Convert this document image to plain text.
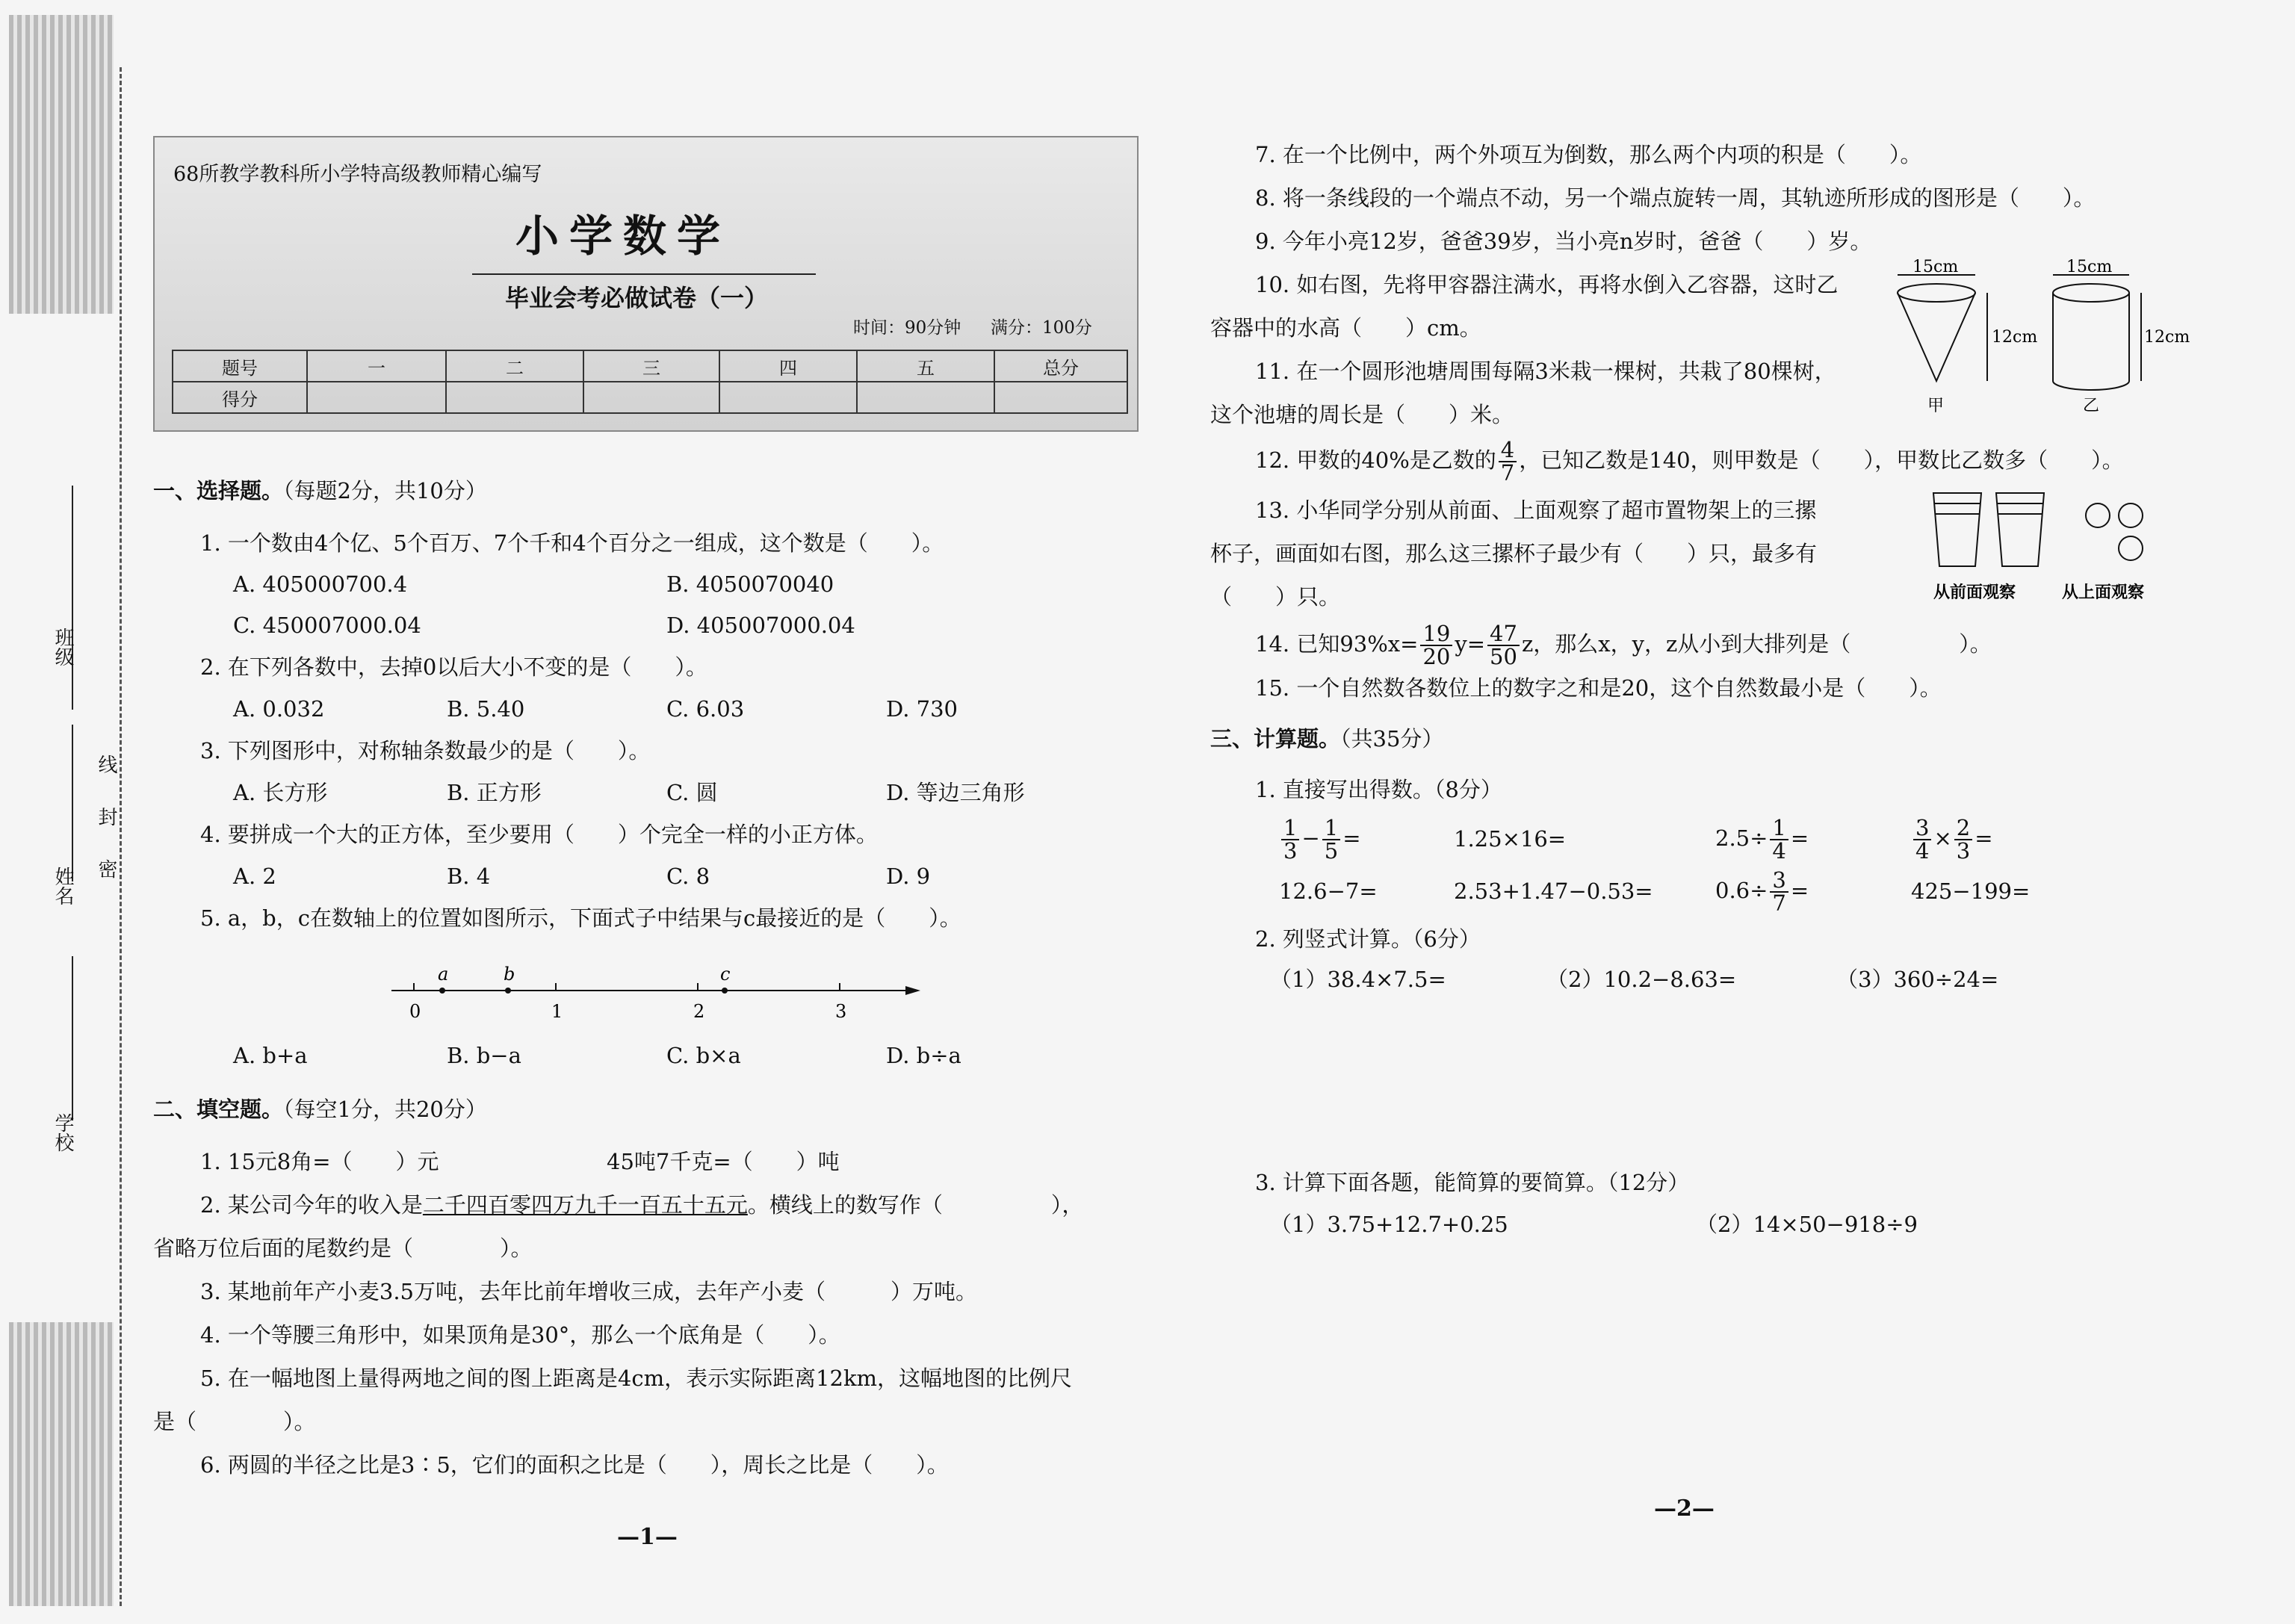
班级
姓名
学校
密
封
线
68所教学教科所小学特高级教师精心编写
小学数学
毕业会考必做试卷（一）
时间：90分钟 满分：100分
题号	一	二	三	四	五	总分
得分						
一、选择题。（每题2分，共10分）
1. 一个数由4个亿、5个百万、7个千和4个百分之一组成，这个数是（　　）。
A. 405000700.4	B. 4050070040
C. 450007000.04	D. 405007000.04
2. 在下列各数中，去掉0以后大小不变的是（　　）。
A. 0.032	B. 5.40	C. 6.03	D. 730
3. 下列图形中，对称轴条数最少的是（　　）。
A. 长方形	B. 正方形	C. 圆	D. 等边三角形
4. 要拼成一个大的正方体，至少要用（　　）个完全一样的小正方体。
A. 2	B. 4	C. 8	D. 9
5. a，b，c在数轴上的位置如图所示，下面式子中结果与c最接近的是（　　）。
0	1	2	3
a	b	c
A. b+a	B. b−a	C. b×a	D. b÷a
二、填空题。（每空1分，共20分）
1. 15元8角=（　　）元	45吨7千克=（　　）吨
2. 某公司今年的收入是二千四百零四万九千一百五十五元。横线上的数写作（　　　　　），
省略万位后面的尾数约是（　　　　）。
3. 某地前年产小麦3.5万吨，去年比前年增收三成，去年产小麦（　　　）万吨。
4. 一个等腰三角形中，如果顶角是30°，那么一个底角是（　　）。
5. 在一幅地图上量得两地之间的图上距离是4cm，表示实际距离12km，这幅地图的比例尺
是（　　　　）。
6. 两圆的半径之比是3∶5，它们的面积之比是（　　），周长之比是（　　）。
—1—
7. 在一个比例中，两个外项互为倒数，那么两个内项的积是（　　）。
8. 将一条线段的一个端点不动，另一个端点旋转一周，其轨迹所形成的图形是（　　）。
9. 今年小亮12岁，爸爸39岁，当小亮n岁时，爸爸（　　）岁。
10. 如右图，先将甲容器注满水，再将水倒入乙容器，这时乙
容器中的水高（　　）cm。
11. 在一个圆形池塘周围每隔3米栽一棵树，共栽了80棵树，
这个池塘的周长是（　　）米。
15cm
12cm
甲
15cm
12cm
乙
12. 甲数的40%是乙数的 $\frac{4}{7}$ ，已知乙数是140，则甲数是（　　），甲数比乙数多（　　）。
13. 小华同学分别从前面、上面观察了超市置物架上的三摞
杯子，画面如右图，那么这三摞杯子最少有（　　）只，最多有
（　　）只。	从前面观察	从上面观察
14. 已知$93\%x= \frac{19}{20} y= \frac{47}{50}$ z，那么x，y，z从小到大排列是（　　　　　）。
15. 一个自然数各数位上的数字之和是20，这个自然数最小是（　　）。
三、计算题。（共35分）
1. 直接写出得数。（8分）
$\frac{1}{3} - \frac{1}{5}$ =	1.25×16=	$2.5\div \frac{1}{4}$ =	$\frac{3}{4} \times \frac{2}{3}$ =
12.6−7=	2.53+1.47−0.53=	$0.6\div \frac{3}{7}$ =	425−199=
2. 列竖式计算。（6分）
（1）38.4×7.5=	（2）10.2−8.63=	（3）360÷24=
3. 计算下面各题，能简算的要简算。（12分）
（1）3.75+12.7+0.25	（2）14×50−918÷9
—2—
